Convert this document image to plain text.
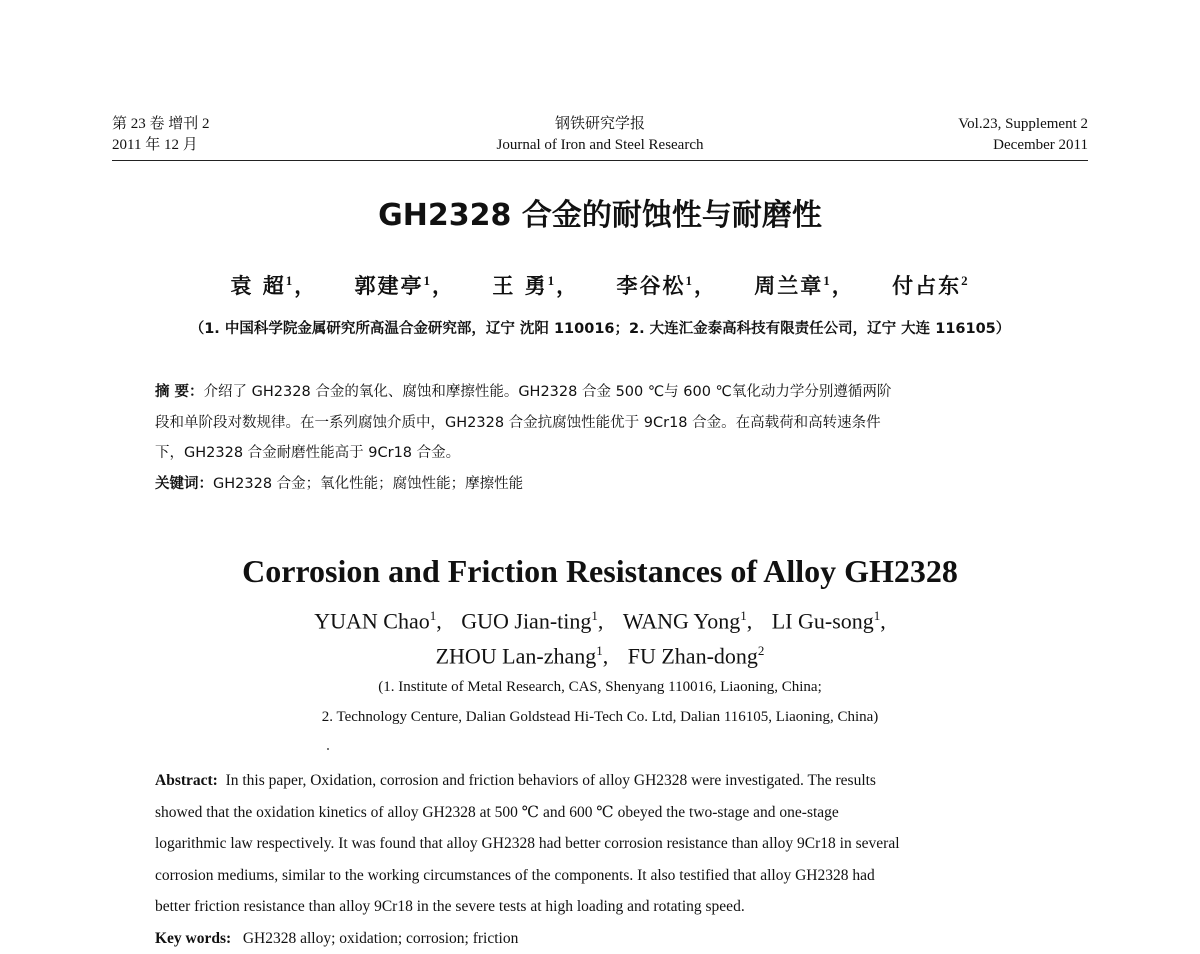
第 23 卷 增刊 2
2011 年 12 月
钢铁研究学报
Journal of Iron and Steel Research
Vol.23, Supplement 2
December 2011
GH2328 合金的耐蚀性与耐磨性
袁 超$^1$， 郭建亭$^1$， 王 勇$^1$， 李谷松$^1$， 周兰章$^1$， 付占东$^2$
（1. 中国科学院金属研究所高温合金研究部，辽宁 沈阳 110016；2. 大连汇金泰高科技有限责任公司，辽宁 大连 116105）
摘 要：介绍了 GH2328 合金的氧化、腐蚀和摩擦性能。GH2328 合金 500 ℃与 600 ℃氧化动力学分别遵循两阶
段和单阶段对数规律。在一系列腐蚀介质中，GH2328 合金抗腐蚀性能优于 9Cr18 合金。在高载荷和高转速条件
下，GH2328 合金耐磨性能高于 9Cr18 合金。
关键词：GH2328 合金；氧化性能；腐蚀性能；摩擦性能
Corrosion and Friction Resistances of Alloy GH2328
YUAN Chao$^1$, GUO Jian-ting$^1$, WANG Yong$^1$, LI Gu-song$^1$,
ZHOU Lan-zhang$^1$, FU Zhan-dong$^2$
(1. Institute of Metal Research, CAS, Shenyang 110016, Liaoning, China;
2. Technology Centure, Dalian Goldstead Hi-Tech Co. Ltd, Dalian 116105, Liaoning, China)
Abstract: In this paper, Oxidation, corrosion and friction behaviors of alloy GH2328 were investigated. The results
showed that the oxidation kinetics of alloy GH2328 at 500 ℃ and 600 ℃ obeyed the two-stage and one-stage
logarithmic law respectively. It was found that alloy GH2328 had better corrosion resistance than alloy 9Cr18 in several
corrosion mediums, similar to the working circumstances of the components. It also testified that alloy GH2328 had
better friction resistance than alloy 9Cr18 in the severe tests at high loading and rotating speed.
Key words: GH2328 alloy; oxidation; corrosion; friction
